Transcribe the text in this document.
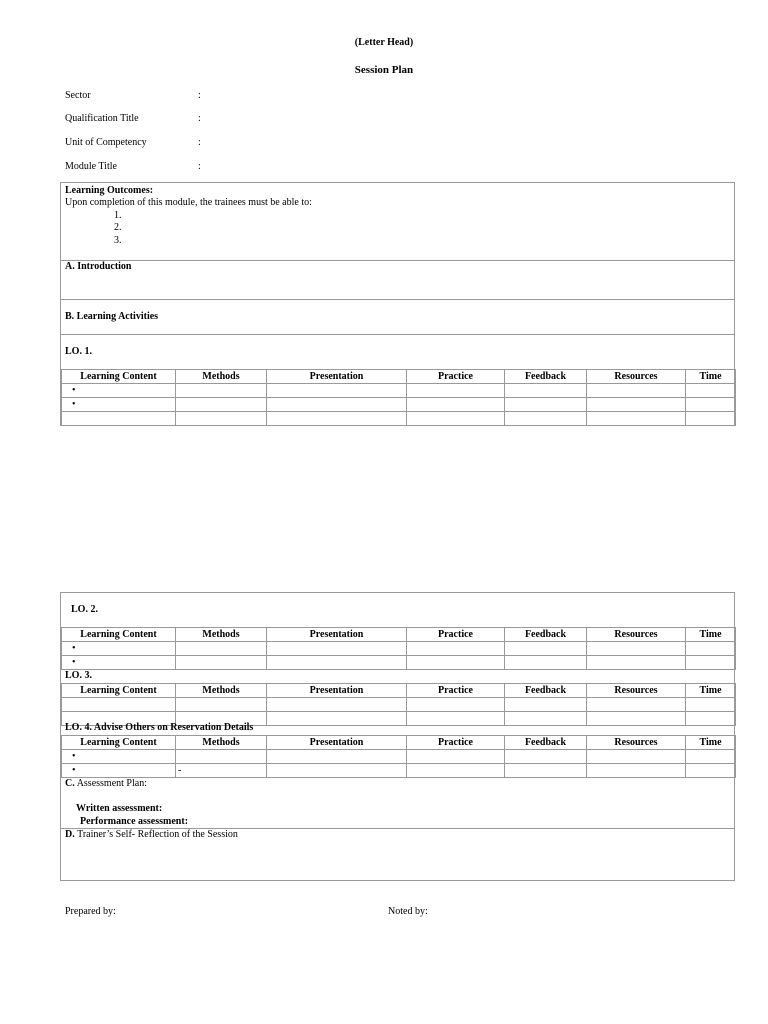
(Letter Head)
Session Plan
Sector	:
Qualification Title	:
Unit of Competency	:
Module Title	:
Learning Outcomes:
Upon completion of this module, the trainees must be able to:
1.
2.
3.
A. Introduction
B. Learning Activities
LO. 1.
Learning Content	Methods	Presentation	Practice	Feedback	Resources	Time
•						
•						

LO. 2.
Learning Content	Methods	Presentation	Practice	Feedback	Resources	Time
•						
•						
LO. 3.
Learning Content	Methods	Presentation	Practice	Feedback	Resources	Time

LO. 4. Advise Others on Reservation Details
Learning Content	Methods	Presentation	Practice	Feedback	Resources	Time
•						
•	-					
C. Assessment Plan:
Written assessment:
Performance assessment:
D. Trainer’s Self- Reflection of the Session
Prepared by:	Noted by:
